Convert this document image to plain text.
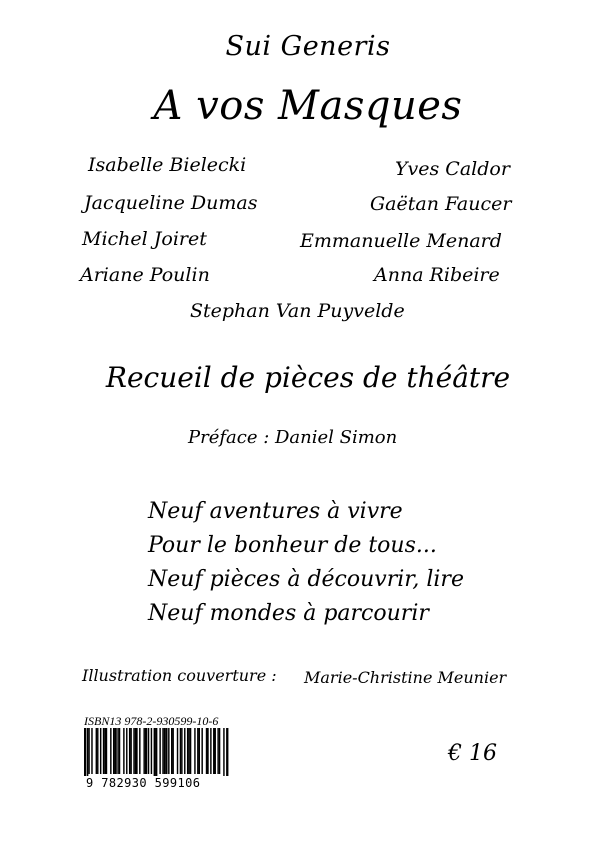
Sui Generis
A vos Masques
Isabelle Bielecki	Yves Caldor
Jacqueline Dumas	Gaëtan Faucer
Michel Joiret	Emmanuelle Menard
Ariane Poulin	Anna Ribeire
Stephan Van Puyvelde
Recueil de pièces de théâtre
Préface : Daniel Simon
Neuf aventures à vivre
Pour le bonheur de tous...
Neuf pièces à découvrir, lire
Neuf mondes à parcourir
Illustration couverture : Marie-Christine Meunier
ISBN13 978-2-930599-10-6
9 782930 599106
€ 16
